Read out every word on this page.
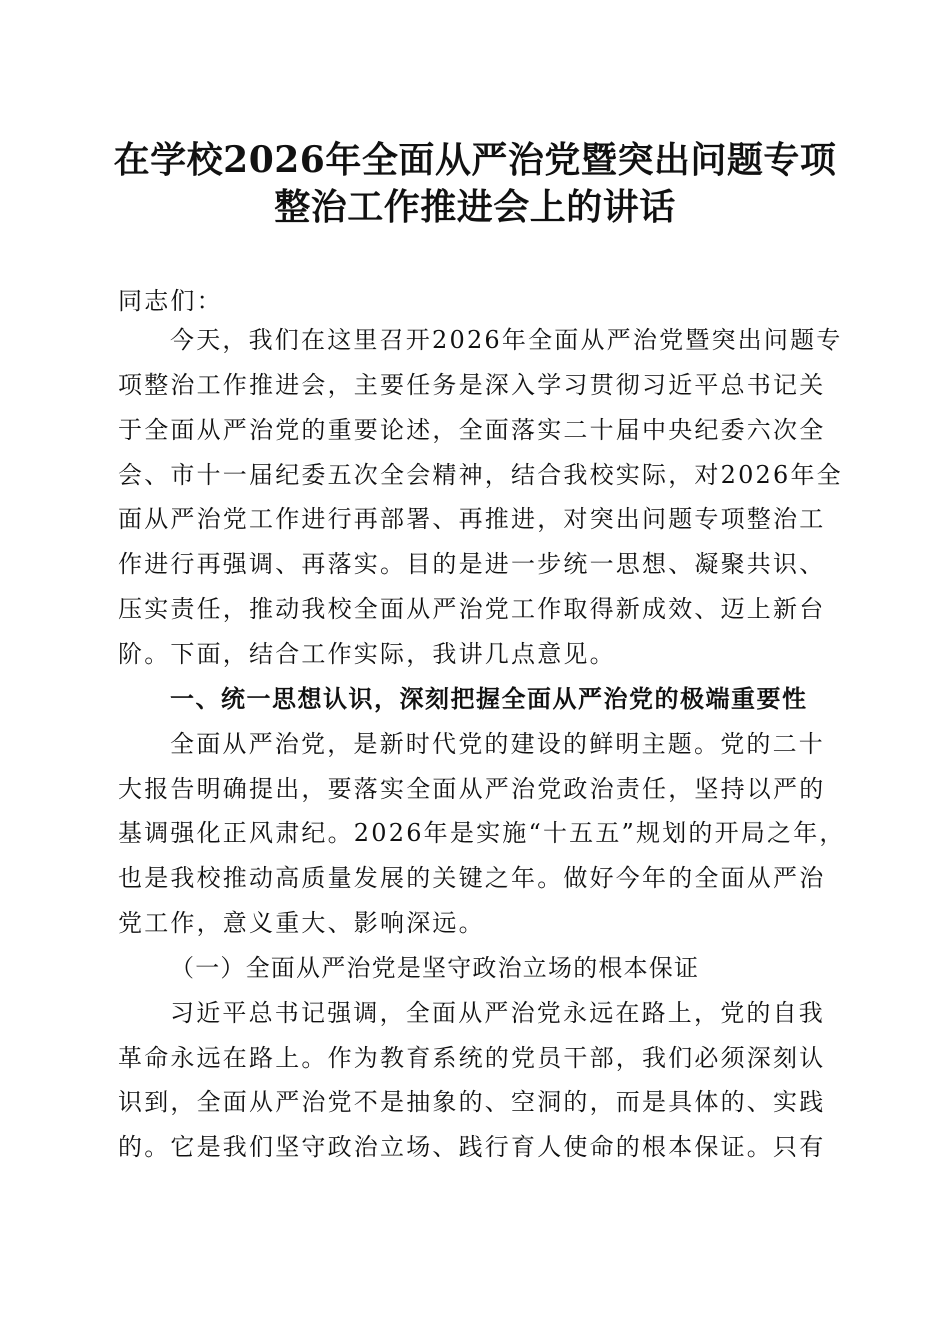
在学校2026年全面从严治党暨突出问题专项
整治工作推进会上的讲话
同志们：
今天，我们在这里召开2026年全面从严治党暨突出问题专
项整治工作推进会，主要任务是深入学习贯彻习近平总书记关
于全面从严治党的重要论述，全面落实二十届中央纪委六次全
会、市十一届纪委五次全会精神，结合我校实际，对2026年全
面从严治党工作进行再部署、再推进，对突出问题专项整治工
作进行再强调、再落实。目的是进一步统一思想、凝聚共识、
压实责任，推动我校全面从严治党工作取得新成效、迈上新台
阶。下面，结合工作实际，我讲几点意见。
一、统一思想认识，深刻把握全面从严治党的极端重要性
全面从严治党，是新时代党的建设的鲜明主题。党的二十
大报告明确提出，要落实全面从严治党政治责任，坚持以严的
基调强化正风肃纪。2026年是实施“十五五”规划的开局之年，
也是我校推动高质量发展的关键之年。做好今年的全面从严治
党工作，意义重大、影响深远。
（一）全面从严治党是坚守政治立场的根本保证
习近平总书记强调，全面从严治党永远在路上，党的自我
革命永远在路上。作为教育系统的党员干部，我们必须深刻认
识到，全面从严治党不是抽象的、空洞的，而是具体的、实践
的。它是我们坚守政治立场、践行育人使命的根本保证。只有
